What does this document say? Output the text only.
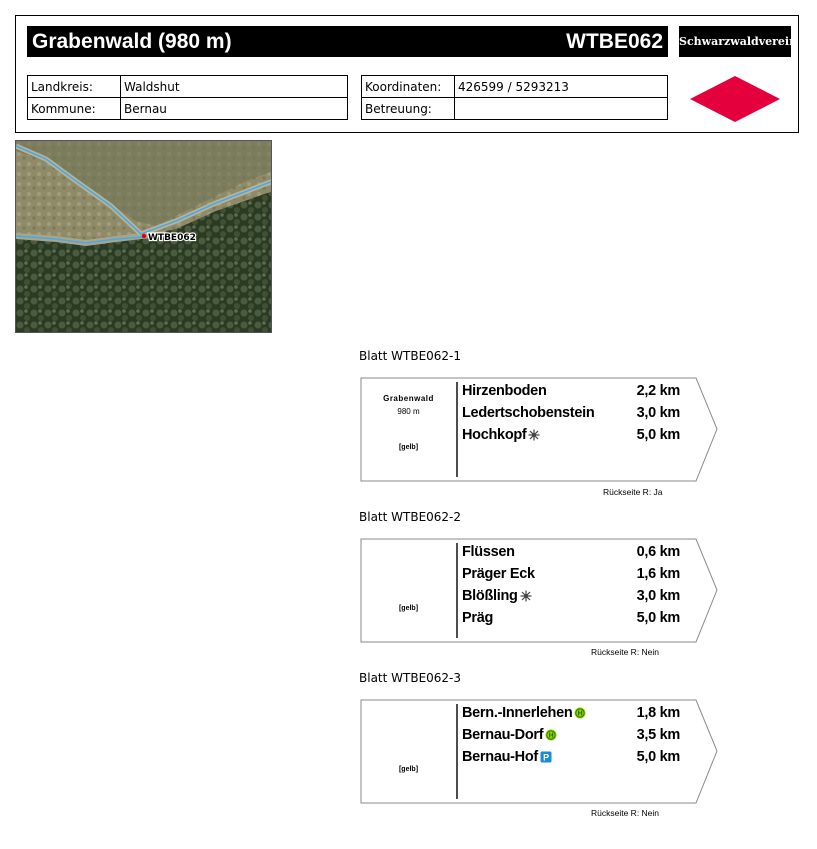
Grabenwald (980 m)	WTBE062 Schwarzwaldverein
Landkreis:	Waldshut
Kommune:	Bernau
Koordinaten:	426599 / 5293213
Betreuung:	
WTBE062
Blatt WTBE062-1
Grabenwald
980 m
[gelb]
Hirzenboden	2,2 km
Ledertschobenstein	3,0 km
Hochkopf	5,0 km
Rückseite R: Ja
Blatt WTBE062-2
[gelb]
Flüssen	0,6 km
Präger Eck	1,6 km
Blößling	3,0 km
Präg	5,0 km
Rückseite R: Nein
Blatt WTBE062-3
[gelb]
Bern.-Innerlehen H	1,8 km
Bernau-Dorf H	3,5 km
Bernau-Hof P	5,0 km
Rückseite R: Nein
